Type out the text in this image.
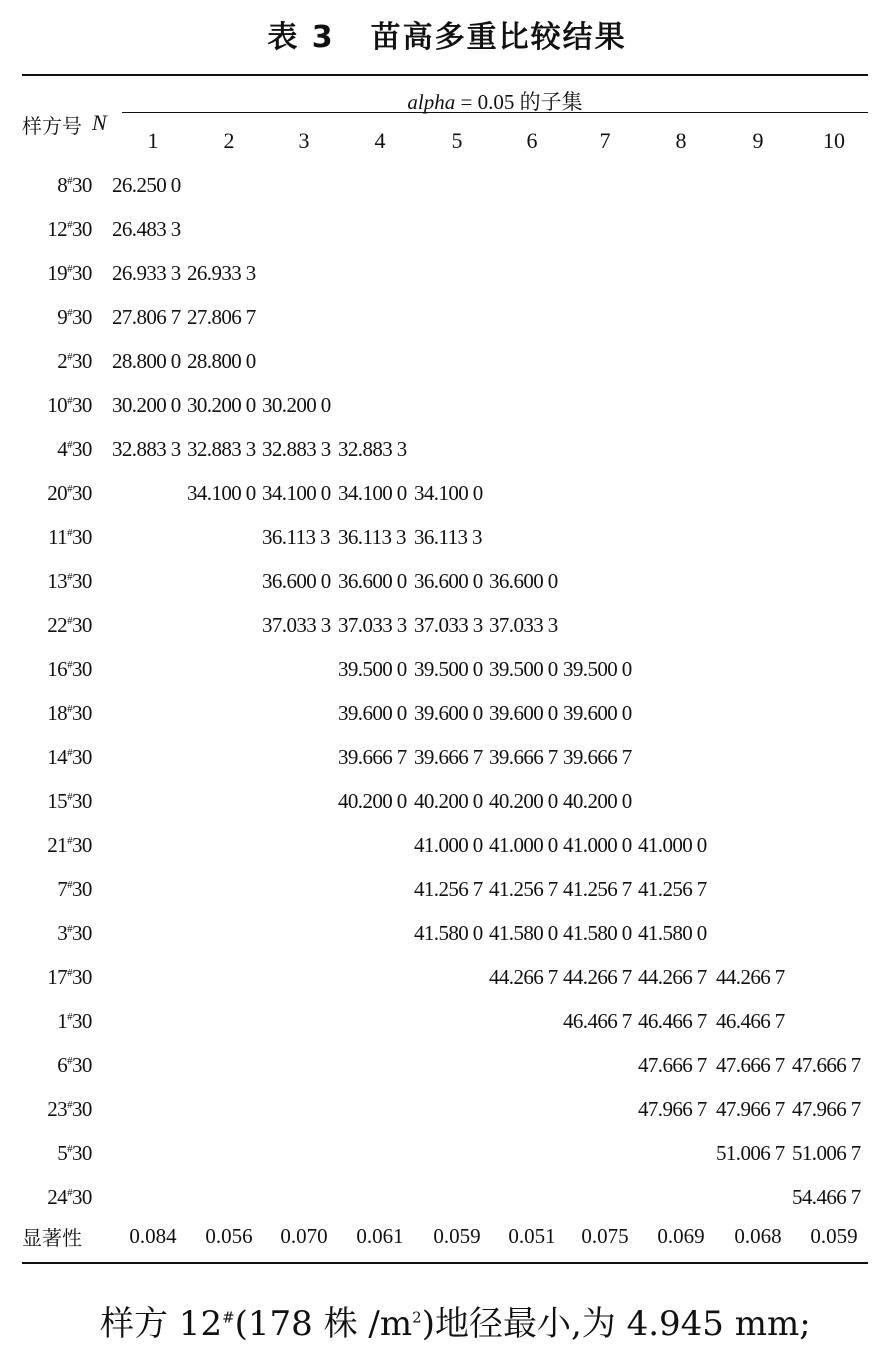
表 3 苗高多重比较结果
alpha = 0.05 的子集
样方号 N
1	2	3	4	5	6	7	8	9	10
8#	30	26.250 0									
12#	30	26.483 3									
19#	30	26.933 3	26.933 3								
9#	30	27.806 7	27.806 7								
2#	30	28.800 0	28.800 0								
10#	30	30.200 0	30.200 0	30.200 0							
4#	30	32.883 3	32.883 3	32.883 3	32.883 3						
20#	30		34.100 0	34.100 0	34.100 0	34.100 0					
11#	30			36.113 3	36.113 3	36.113 3					
13#	30			36.600 0	36.600 0	36.600 0	36.600 0				
22#	30			37.033 3	37.033 3	37.033 3	37.033 3				
16#	30				39.500 0	39.500 0	39.500 0	39.500 0			
18#	30				39.600 0	39.600 0	39.600 0	39.600 0			
14#	30				39.666 7	39.666 7	39.666 7	39.666 7			
15#	30				40.200 0	40.200 0	40.200 0	40.200 0			
21#	30					41.000 0	41.000 0	41.000 0	41.000 0		
7#	30					41.256 7	41.256 7	41.256 7	41.256 7		
3#	30					41.580 0	41.580 0	41.580 0	41.580 0		
17#	30						44.266 7	44.266 7	44.266 7	44.266 7	
1#	30							46.466 7	46.466 7	46.466 7	
6#	30								47.666 7	47.666 7	47.666 7
23#	30								47.966 7	47.966 7	47.966 7
5#	30									51.006 7	51.006 7
24#	30										54.466 7
显著性	0.084	0.056	0.070	0.061	0.059	0.051	0.075	0.069	0.068	0.059
样方 12#(178 株 $/m^2$)地径最小,为 4.945 mm;
